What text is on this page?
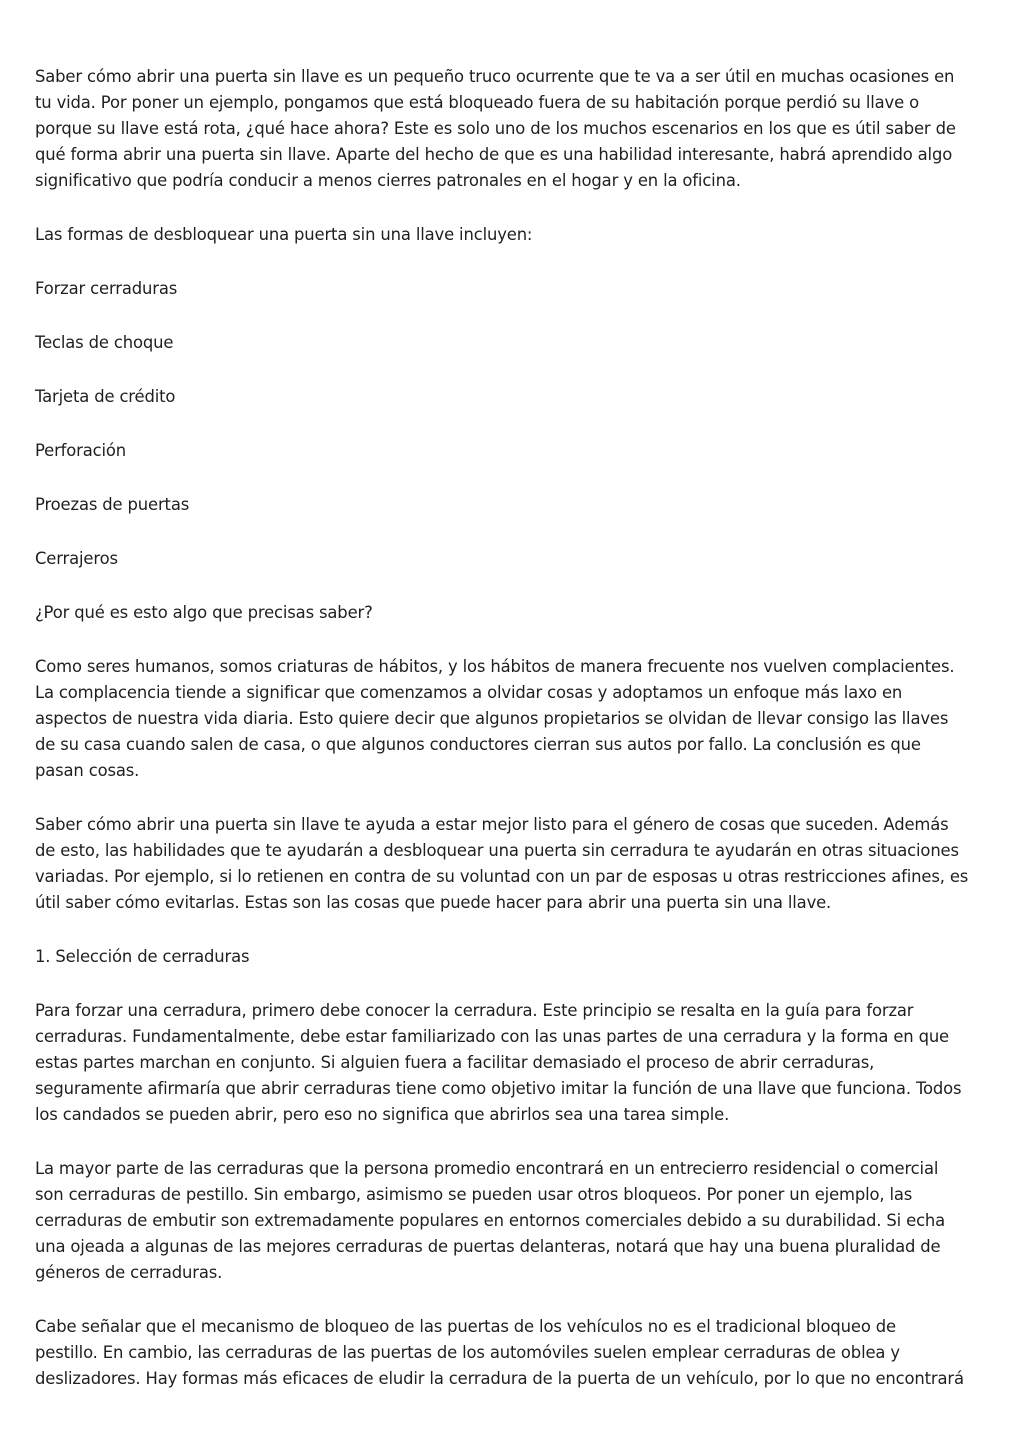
Saber cómo abrir una puerta sin llave es un pequeño truco ocurrente que te va a ser útil en muchas ocasiones en
tu vida. Por poner un ejemplo, pongamos que está bloqueado fuera de su habitación porque perdió su llave o
porque su llave está rota, ¿qué hace ahora? Este es solo uno de los muchos escenarios en los que es útil saber de
qué forma abrir una puerta sin llave. Aparte del hecho de que es una habilidad interesante, habrá aprendido algo
significativo que podría conducir a menos cierres patronales en el hogar y en la oficina.

Las formas de desbloquear una puerta sin una llave incluyen:

Forzar cerraduras

Teclas de choque

Tarjeta de crédito

Perforación

Proezas de puertas

Cerrajeros

¿Por qué es esto algo que precisas saber?

Como seres humanos, somos criaturas de hábitos, y los hábitos de manera frecuente nos vuelven complacientes.
La complacencia tiende a significar que comenzamos a olvidar cosas y adoptamos un enfoque más laxo en
aspectos de nuestra vida diaria. Esto quiere decir que algunos propietarios se olvidan de llevar consigo las llaves
de su casa cuando salen de casa, o que algunos conductores cierran sus autos por fallo. La conclusión es que
pasan cosas.

Saber cómo abrir una puerta sin llave te ayuda a estar mejor listo para el género de cosas que suceden. Además
de esto, las habilidades que te ayudarán a desbloquear una puerta sin cerradura te ayudarán en otras situaciones
variadas. Por ejemplo, si lo retienen en contra de su voluntad con un par de esposas u otras restricciones afines, es
útil saber cómo evitarlas. Estas son las cosas que puede hacer para abrir una puerta sin una llave.

1. Selección de cerraduras

Para forzar una cerradura, primero debe conocer la cerradura. Este principio se resalta en la guía para forzar
cerraduras. Fundamentalmente, debe estar familiarizado con las unas partes de una cerradura y la forma en que
estas partes marchan en conjunto. Si alguien fuera a facilitar demasiado el proceso de abrir cerraduras,
seguramente afirmaría que abrir cerraduras tiene como objetivo imitar la función de una llave que funciona. Todos
los candados se pueden abrir, pero eso no significa que abrirlos sea una tarea simple.

La mayor parte de las cerraduras que la persona promedio encontrará en un entrecierro residencial o comercial
son cerraduras de pestillo. Sin embargo, asimismo se pueden usar otros bloqueos. Por poner un ejemplo, las
cerraduras de embutir son extremadamente populares en entornos comerciales debido a su durabilidad. Si echa
una ojeada a algunas de las mejores cerraduras de puertas delanteras, notará que hay una buena pluralidad de
géneros de cerraduras.

Cabe señalar que el mecanismo de bloqueo de las puertas de los vehículos no es el tradicional bloqueo de
pestillo. En cambio, las cerraduras de las puertas de los automóviles suelen emplear cerraduras de oblea y
deslizadores. Hay formas más eficaces de eludir la cerradura de la puerta de un vehículo, por lo que no encontrará
